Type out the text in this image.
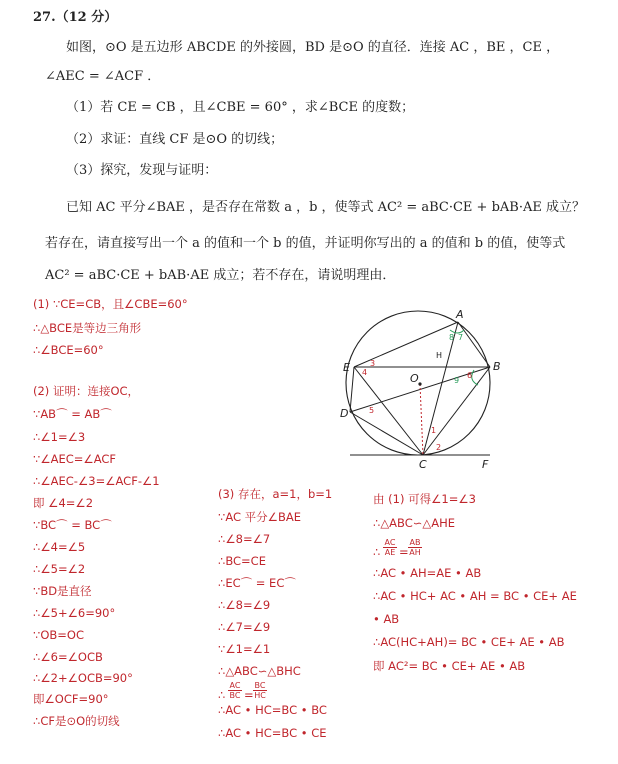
27.（12 分）
如图，⊙O 是五边形 ABCDE 的外接圆，BD 是⊙O 的直径．连接 AC ，BE ，CE ，
∠AEC = ∠ACF ．
（1）若 CE = CB ，且∠CBE = 60° ，求∠BCE 的度数；
（2）求证：直线 CF 是⊙O 的切线；
（3）探究，发现与证明：
已知 AC 平分∠BAE ，是否存在常数 a ，b ，使等式 AC² = aBC·CE + bAB·AE 成立？
若存在，请直接写出一个 a 的值和一个 b 的值，并证明你写出的 a 的值和 b 的值，使等式
AC² = aBC·CE + bAB·AE 成立；若不存在，请说明理由．
(1) ∵CE=CB，且∠CBE=60°
∴△BCE是等边三角形
∴∠BCE=60°
(2) 证明：连接OC，
∵AB⌒ = AB⌒
∴∠1=∠3
∵∠AEC=∠ACF
∴∠AEC-∠3=∠ACF-∠1
即 ∠4=∠2
∵BC⌒ = BC⌒
∴∠4=∠5
∴∠5=∠2
∵BD是直径
∴∠5+∠6=90°
∵OB=OC
∴∠6=∠OCB
∴∠2+∠OCB=90°
即∠OCF=90°
∴CF是⊙O的切线
(3) 存在，a=1，b=1
∵AC 平分∠BAE
∴∠8=∠7
∴BC=CE
∴EC⌒ = EC⌒
∴∠8=∠9
∴∠7=∠9
∵∠1=∠1
∴△ABC∽△BHC
∴ $\frac{AC}{BC} = \frac{BC}{HC}$
∴AC • HC=BC • BC
∴AC • HC=BC • CE
由 (1) 可得∠1=∠3
∴△ABC∽△AHE
∴ $\frac{AC}{AE} = \frac{AB}{AH}$
∴AC • AH=AE • AB
∴AC • HC+ AC • AH = BC • CE+ AE
• AB
∴AC(HC+AH)= BC • CE+ AE • AB
即 AC²= BC • CE+ AE • AB
A
B
C
D
E
O
F
H
1
2
3
4
5
6
7
8
9
